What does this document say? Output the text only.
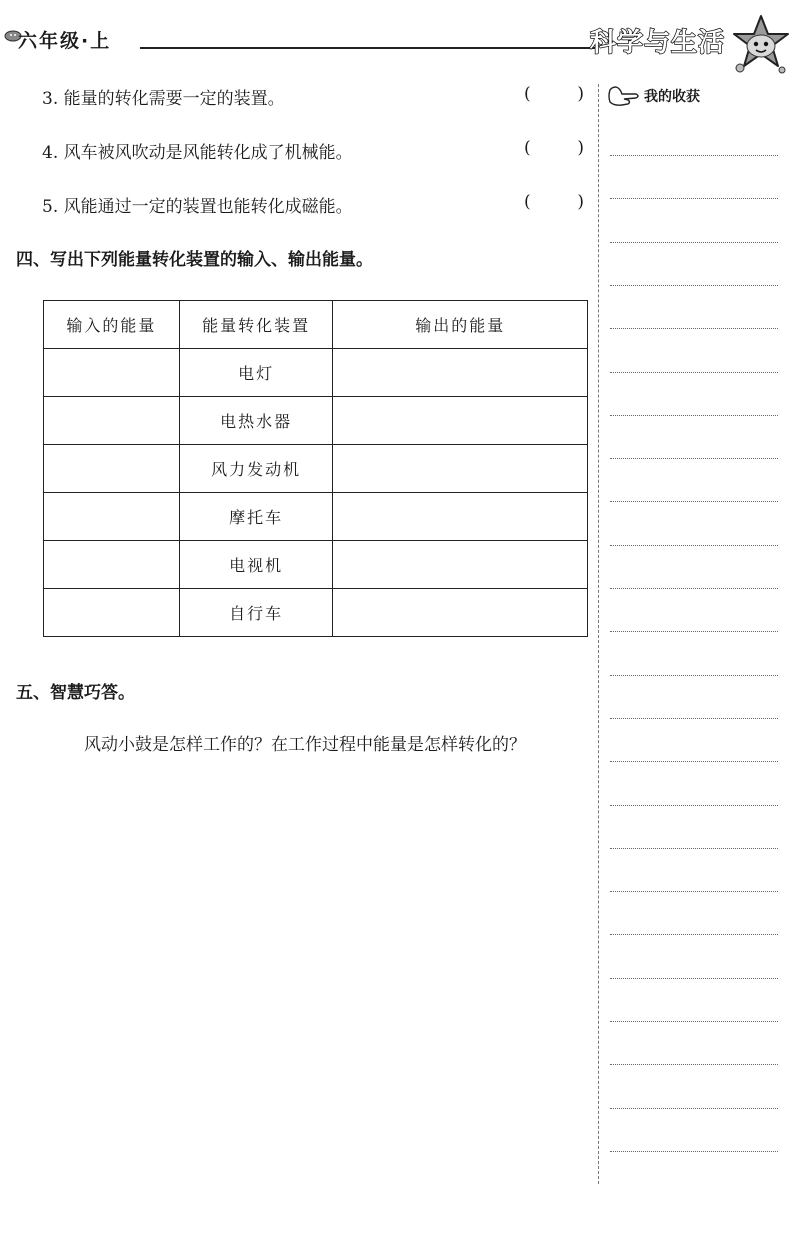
六年级·上	科学与生活
3. 能量的转化需要一定的装置。	(	)
4. 风车被风吹动是风能转化成了机械能。	(	)
5. 风能通过一定的装置也能转化成磁能。	(	)
四、写出下列能量转化装置的输入、输出能量。
输入的能量	能量转化装置	输出的能量
	电灯	
	电热水器	
	风力发动机	
	摩托车	
	电视机	
	自行车	
五、智慧巧答。
风动小鼓是怎样工作的？在工作过程中能量是怎样转化的？
我的收获
